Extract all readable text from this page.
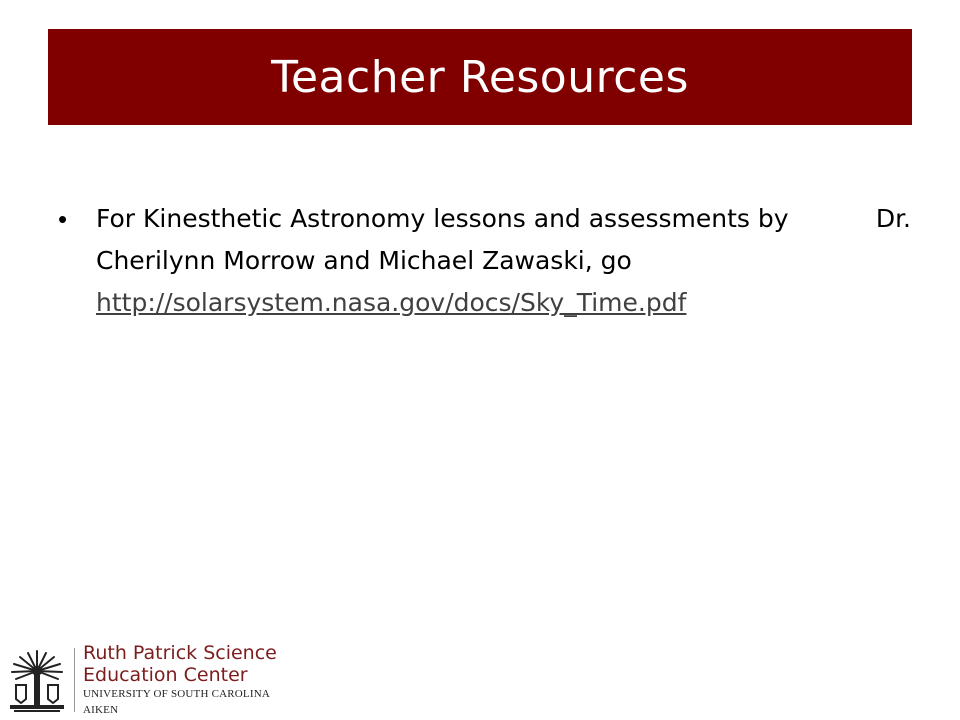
Teacher Resources
•	For Kinesthetic Astronomy lessons and assessments by	Dr.
Cherilynn Morrow and Michael Zawaski, go
http://solarsystem.nasa.gov/docs/Sky_Time.pdf
Ruth Patrick Science
Education Center
UNIVERSITY OF SOUTH CAROLINA AIKEN
